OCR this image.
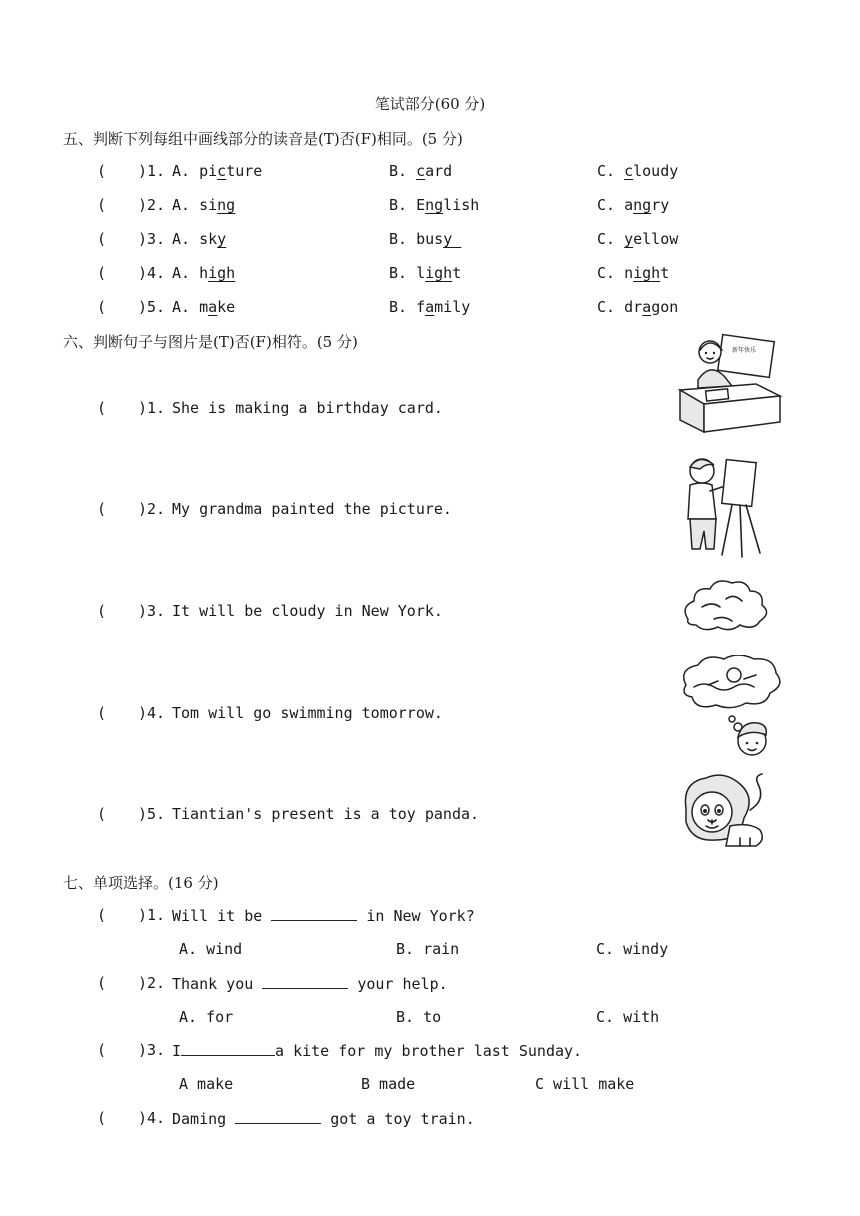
笔试部分(60 分)
五、判断下列每组中画线部分的读音是(T)否(F)相同。(5 分)
( )1. A. picture	B. card	C. cloudy
( )2. A. sing	B. English	C. angry
( )3. A. sky	B. busy	C. yellow
( )4. A. high	B. light	C. night
( )5. A. make	B. family	C. dragon
六、判断句子与图片是(T)否(F)相符。(5 分)
( )1. She is making a birthday card.
( )2. My grandma painted the picture.
( )3. It will be cloudy in New York.
( )4. Tom will go swimming tomorrow.
( )5. Tiantian's present is a toy panda.
新年快乐
七、单项选择。(16 分)
( )1. Will it be	in New York?
A. wind	B. rain	C. windy
( )2. Thank you	your help.
A. for	B. to	C. with
( )3. I	a kite for my brother last Sunday.
A make	B made	C will make
( )4. Daming	got a toy train.
